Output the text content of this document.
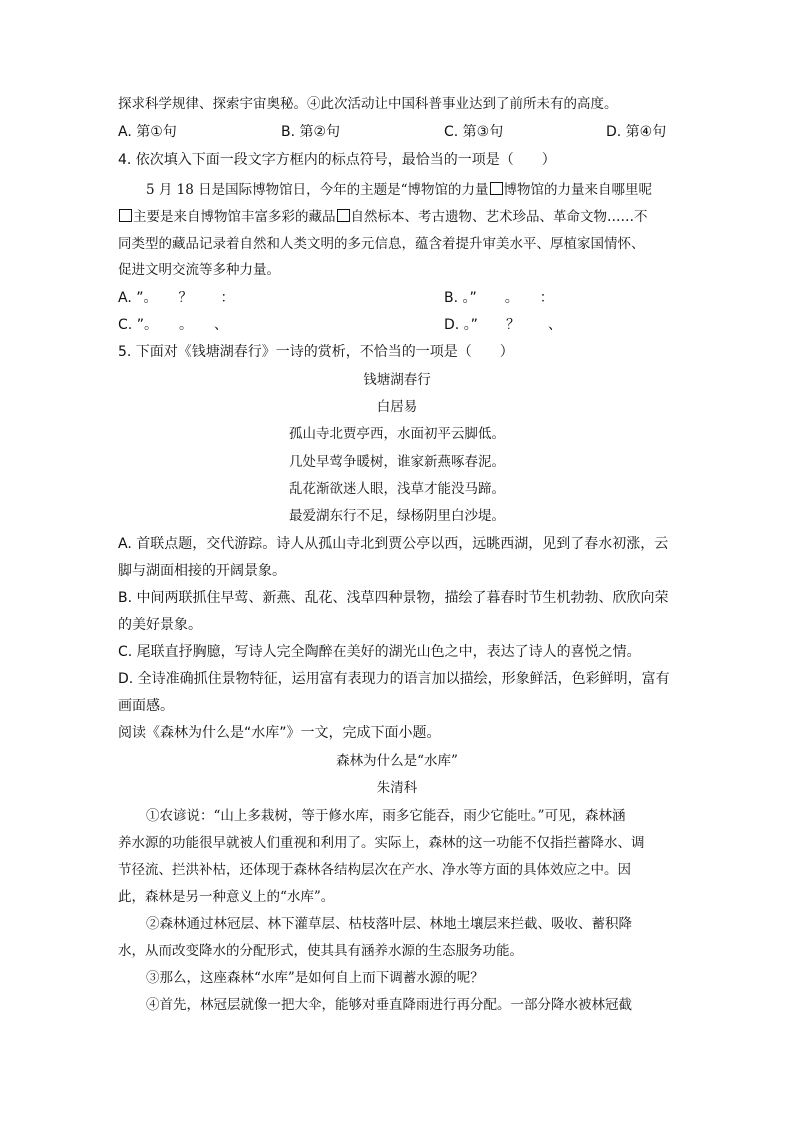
探求科学规律、探索宇宙奥秘。④此次活动让中国科普事业达到了前所未有的高度。
A. 第①句	B. 第②句	C. 第③句	D. 第④句
4. 依次填入下面一段文字方框内的标点符号，最恰当的一项是（　　）
5 月 18 日是国际博物馆日，今年的主题是“博物馆的力量 博物馆的力量来自哪里呢
主要是来自博物馆丰富多彩的藏品 自然标本、考古遗物、艺术珍品、革命文物……不
同类型的藏品记录着自然和人类文明的多元信息，蕴含着提升审美水平、厚植家国情怀、
促进文明交流等多种力量。
A. ”。　　？　　：	B. 。”　　。　　：
C. ”。　　。　　、	D. 。”　　？　　、
5. 下面对《钱塘湖春行》一诗的赏析，不恰当的一项是（　　）
钱塘湖春行
白居易
孤山寺北贾亭西，水面初平云脚低。
几处早莺争暖树，谁家新燕啄春泥。
乱花渐欲迷人眼，浅草才能没马蹄。
最爱湖东行不足，绿杨阴里白沙堤。
A. 首联点题，交代游踪。诗人从孤山寺北到贾公亭以西，远眺西湖，见到了春水初涨，云
脚与湖面相接的开阔景象。
B. 中间两联抓住早莺、新燕、乱花、浅草四种景物，描绘了暮春时节生机勃勃、欣欣向荣
的美好景象。
C. 尾联直抒胸臆，写诗人完全陶醉在美好的湖光山色之中，表达了诗人的喜悦之情。
D. 全诗准确抓住景物特征，运用富有表现力的语言加以描绘，形象鲜活，色彩鲜明，富有
画面感。
阅读《森林为什么是“水库”》一文，完成下面小题。
森林为什么是“水库”
朱清科
①农谚说：“山上多栽树，等于修水库，雨多它能吞，雨少它能吐。”可见，森林涵
养水源的功能很早就被人们重视和利用了。实际上，森林的这一功能不仅指拦蓄降水、调
节径流、拦洪补枯，还体现于森林各结构层次在产水、净水等方面的具体效应之中。因
此，森林是另一种意义上的“水库”。
②森林通过林冠层、林下灌草层、枯枝落叶层、林地土壤层来拦截、吸收、蓄积降
水，从而改变降水的分配形式，使其具有涵养水源的生态服务功能。
③那么，这座森林“水库”是如何自上而下调蓄水源的呢？
④首先，林冠层就像一把大伞，能够对垂直降雨进行再分配。一部分降水被林冠截
